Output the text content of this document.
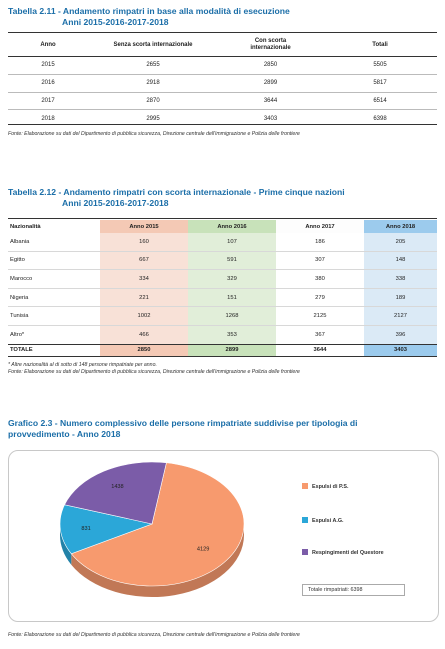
Tabella 2.11 - Andamento rimpatri in base alla modalità di esecuzione
Anni 2015-2016-2017-2018
Anno	Senza scorta internazionale	Con scorta
internazionale	Totali
2015	2655	2850	5505
2016	2918	2899	5817
2017	2870	3644	6514
2018	2995	3403	6398
Fonte: Elaborazione su dati del Dipartimento di pubblica sicurezza, Direzione centrale dell'immigrazione e Polizia delle frontiere
Tabella 2.12 - Andamento rimpatri con scorta internazionale - Prime cinque nazioni
Anni 2015-2016-2017-2018
Nazionalità	Anno 2015	Anno 2016	Anno 2017	Anno 2018
Albania	160	107	186	205
Egitto	667	591	307	148
Marocco	334	329	380	338
Nigeria	221	151	279	189
Tunisia	1002	1268	2125	2127
Altro*	466	353	367	396
TOTALE	2850	2899	3644	3403
* Altre nazionalità al di sotto di 148 persone rimpatriate per anno.
Fonte: Elaborazione su dati del Dipartimento di pubblica sicurezza, Direzione centrale dell'immigrazione e Polizia delle frontiere
Grafico 2.3 - Numero complessivo delle persone rimpatriate suddivise per tipologia di
provvedimento - Anno 2018
4129
831
1438	Espulsi di P.S.
Espulsi A.G.
Respingimenti del Questore
Totale rimpatriati: 6398
Fonte: Elaborazione su dati del Dipartimento di pubblica sicurezza, Direzione centrale dell'immigrazione e Polizia delle frontiere
